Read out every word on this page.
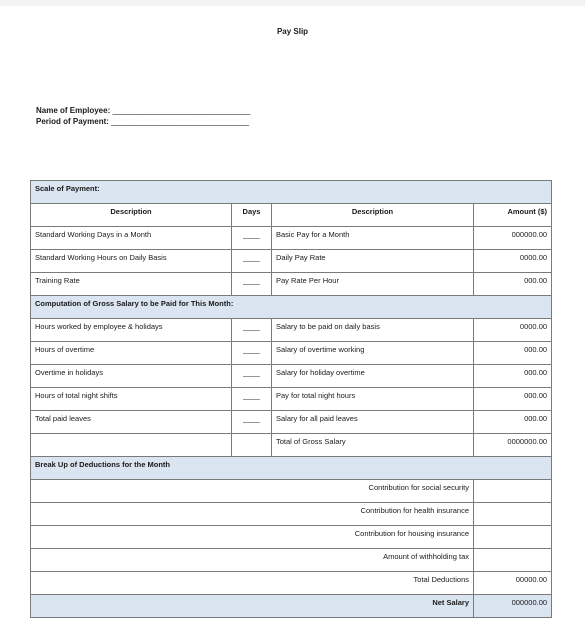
Pay Slip
Name of Employee: _______________________________
Period of Payment: _______________________________
Scale of Payment:			
Description	Days	Description	Amount ($)
Standard Working Days in a Month	____	Basic Pay for a Month	000000.00
Standard Working Hours on Daily Basis	____	Daily Pay Rate	0000.00
Training Rate	____	Pay Rate Per Hour	000.00
Computation of Gross Salary to be Paid for This Month:			
Hours worked by employee & holidays	____	Salary to be paid on daily basis	0000.00
Hours of overtime	____	Salary of overtime working	000.00
Overtime in holidays	____	Salary for holiday overtime	000.00
Hours of total night shifts	____	Pay for total night hours	000.00
Total paid leaves	____	Salary for all paid leaves	000.00
		Total of Gross Salary	0000000.00
Break Up of Deductions for the Month			
Contribution for social security			
Contribution for health insurance			
Contribution for housing insurance			
Amount of withholding tax			
Total Deductions			00000.00
Net Salary			000000.00
